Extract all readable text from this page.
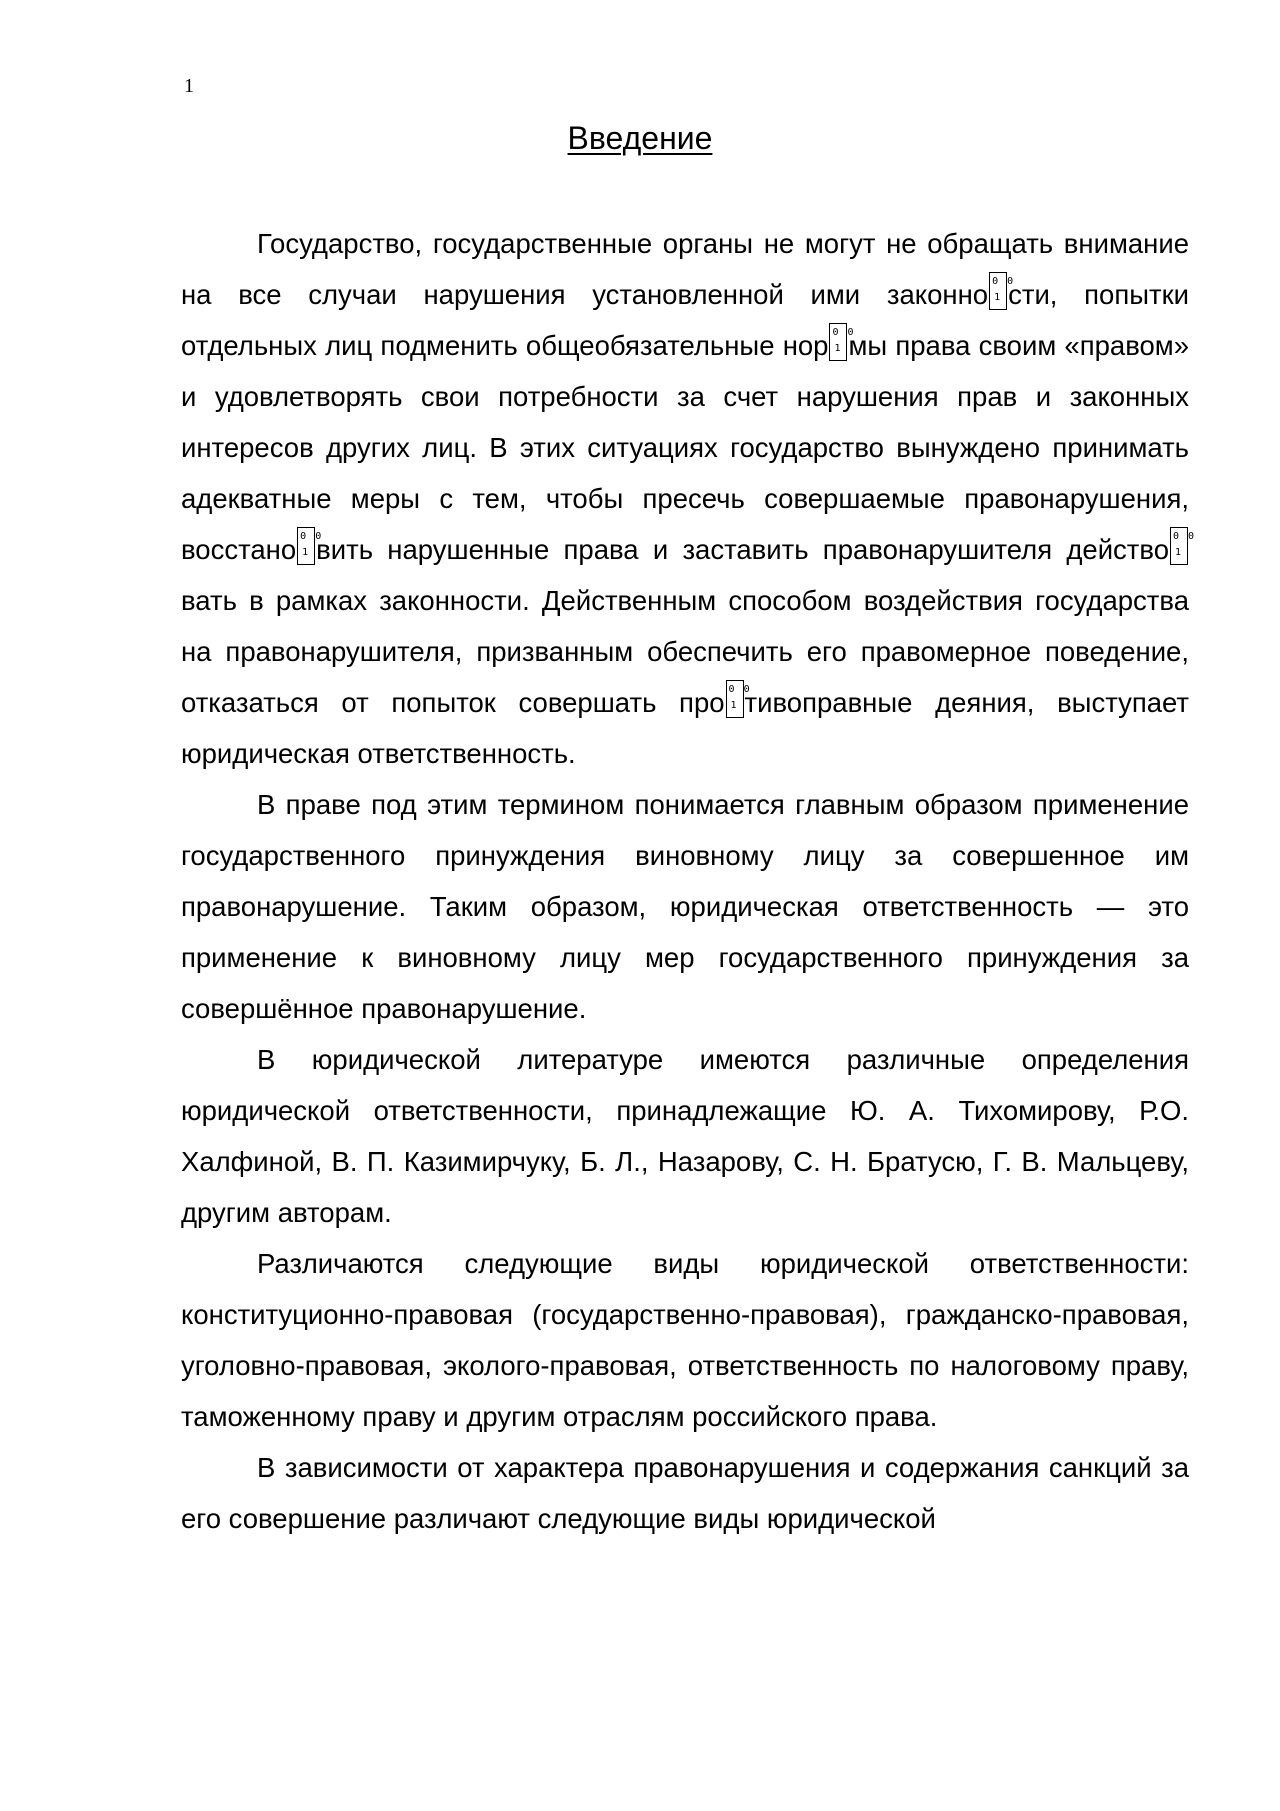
1
Введение

Государство, государственные органы не могут не обращать внимание на все случаи нарушения установленной ими законно 0 0 1 сти, попытки отдельных лиц подменить общеобязательные нор 0 0 1 мы права своим «правом» и удовлетворять свои потребности за счет нарушения прав и законных интересов других лиц. В этих ситуациях государство вынуждено принимать адекватные меры с тем, чтобы пресечь совершаемые правонарушения, восстано 0 0 1 вить нарушенные права и заставить правонарушителя действо0 0 1вать в рамках законности. Действенным способом воздействия государства на правонарушителя, призванным обеспечить его правомерное поведение, отказаться от попыток совершать про0 0 1 тивоправные деяния, выступает юридическая ответственность.

В праве под этим термином понимается главным образом применение государственного принуждения виновному лицу за совершенное им правонарушение. Таким образом, юридическая ответственность — это применение к виновному лицу мер государственного принуждения за совершённое правонарушение.

В юридической литературе имеются различные определения юридической ответственности, принадлежащие Ю. А. Тихомирову, Р.О. Халфиной, В. П. Казимирчуку, Б. Л., Назарову, С. Н. Братусю, Г. В. Мальцеву, другим авторам.

Различаются следующие виды юридической ответственности: конституционно-правовая (государственно-правовая), гражданско-правовая, уголовно-правовая, эколого-правовая, ответственность по налоговому праву, таможенному праву и другим отраслям российского права.

В зависимости от характера правонарушения и содержания санкций за его совершение различают следующие виды юридической
